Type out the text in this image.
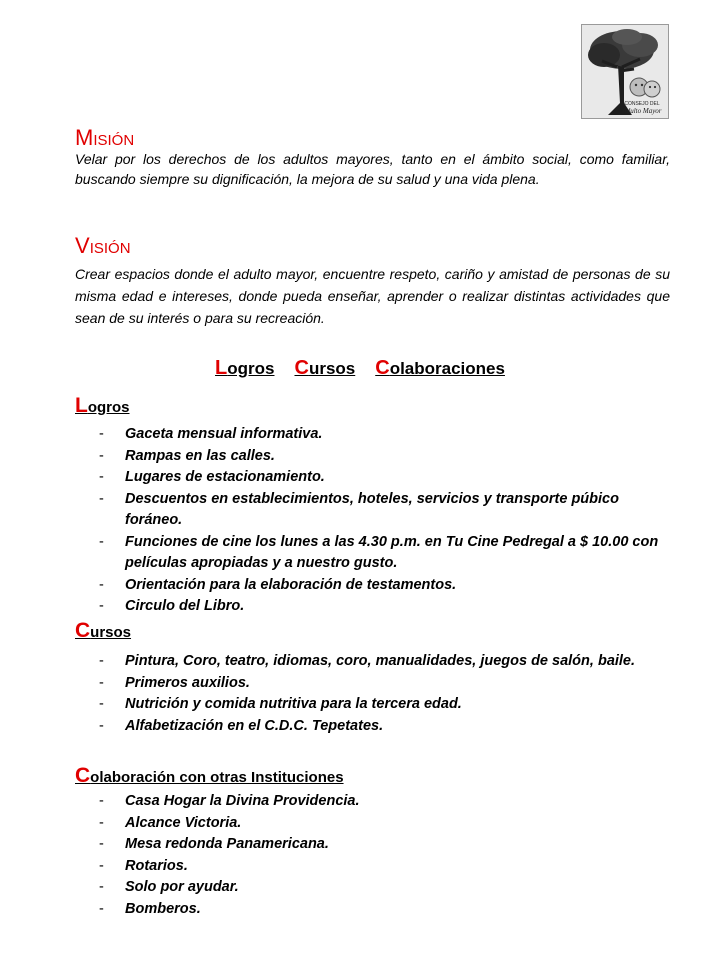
CONSEJO DEL
Adulto Mayor
MISIÓN

Velar por los derechos de los adultos mayores, tanto en el ámbito social, como familiar, buscando siempre su dignificación, la mejora de su salud y una vida plena.

VISIÓN

Crear espacios donde el adulto mayor, encuentre respeto, cariño y amistad de personas de su misma edad e intereses, donde pueda enseñar, aprender o realizar distintas actividades que sean de su interés o para su recreación.

Logros Cursos Colaboraciones
Logros
- Gaceta mensual informativa.
- Rampas en las calles.
- Lugares de estacionamiento.
- Descuentos en establecimientos, hoteles, servicios y transporte púbico foráneo.
- Funciones de cine los lunes a las 4.30 p.m. en Tu Cine Pedregal a $ 10.00 con películas apropiadas y a nuestro gusto.
- Orientación para la elaboración de testamentos.
- Circulo del Libro.
Cursos
- Pintura, Coro, teatro, idiomas, coro, manualidades, juegos de salón, baile.
- Primeros auxilios.
- Nutrición y comida nutritiva para la tercera edad.
- Alfabetización en el C.D.C. Tepetates.
Colaboración con otras Instituciones
- Casa Hogar la Divina Providencia.
- Alcance Victoria.
- Mesa redonda Panamericana.
- Rotarios.
- Solo por ayudar.
- Bomberos.
